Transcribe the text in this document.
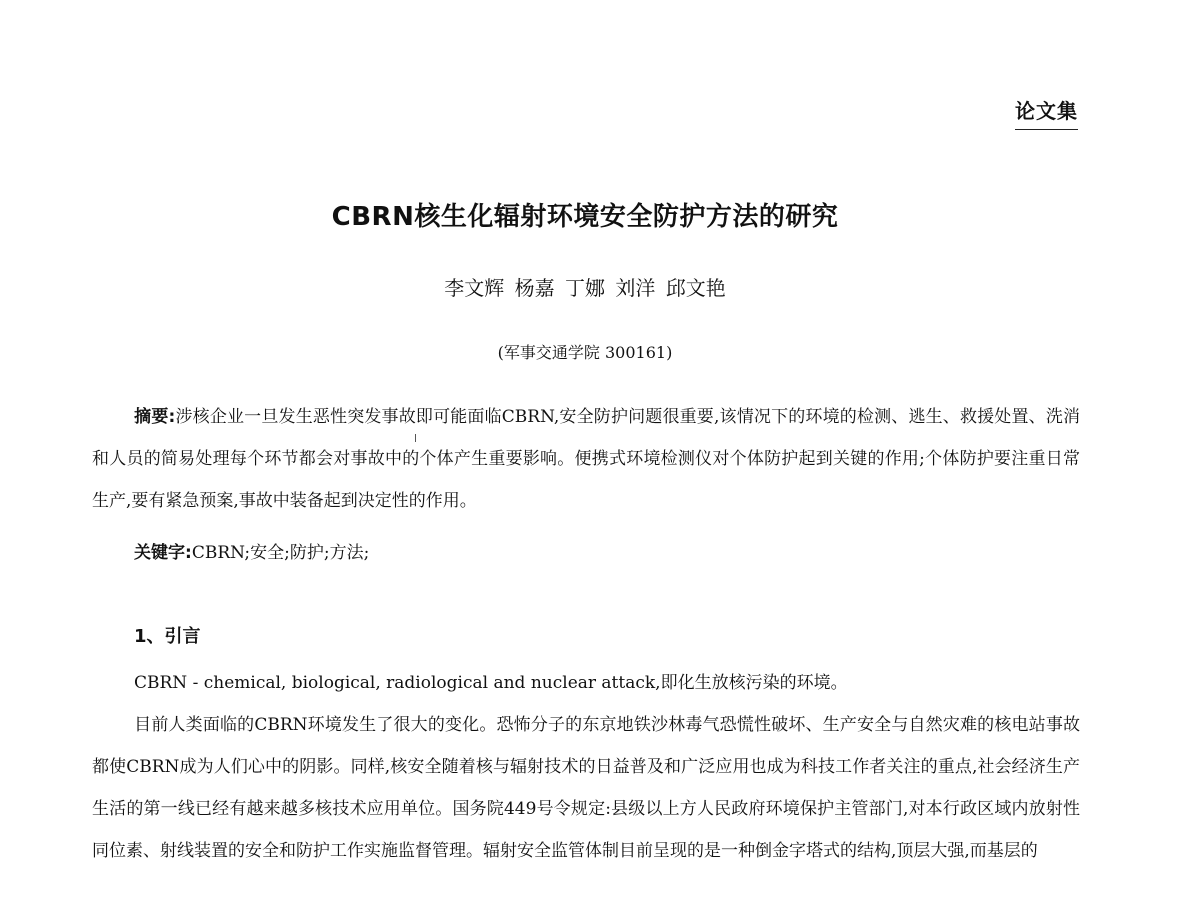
论文集
CBRN核生化辐射环境安全防护方法的研究
李文辉 杨嘉 丁娜 刘洋 邱文艳
(军事交通学院 300161)
摘要:涉核企业一旦发生恶性突发事故即可能面临CBRN,安全防护问题很重要,该情况下的环境的检测、逃生、救援处置、洗消和人员的简易处理每个环节都会对事故中的个体产生重要影响。便携式环境检测仪对个体防护起到关键的作用;个体防护要注重日常生产,要有紧急预案,事故中装备起到决定性的作用。
关键字:CBRN;安全;防护;方法;
1、引言

CBRN - chemical, biological, radiological and nuclear attack,即化生放核污染的环境。

目前人类面临的CBRN环境发生了很大的变化。恐怖分子的东京地铁沙林毒气恐慌性破坏、生产安全与自然灾难的核电站事故都使CBRN成为人们心中的阴影。同样,核安全随着核与辐射技术的日益普及和广泛应用也成为科技工作者关注的重点,社会经济生产生活的第一线已经有越来越多核技术应用单位。国务院449号令规定:县级以上方人民政府环境保护主管部门,对本行政区域内放射性同位素、射线装置的安全和防护工作实施监督管理。辐射安全监管体制目前呈现的是一种倒金字塔式的结构,顶层大强,而基层的
